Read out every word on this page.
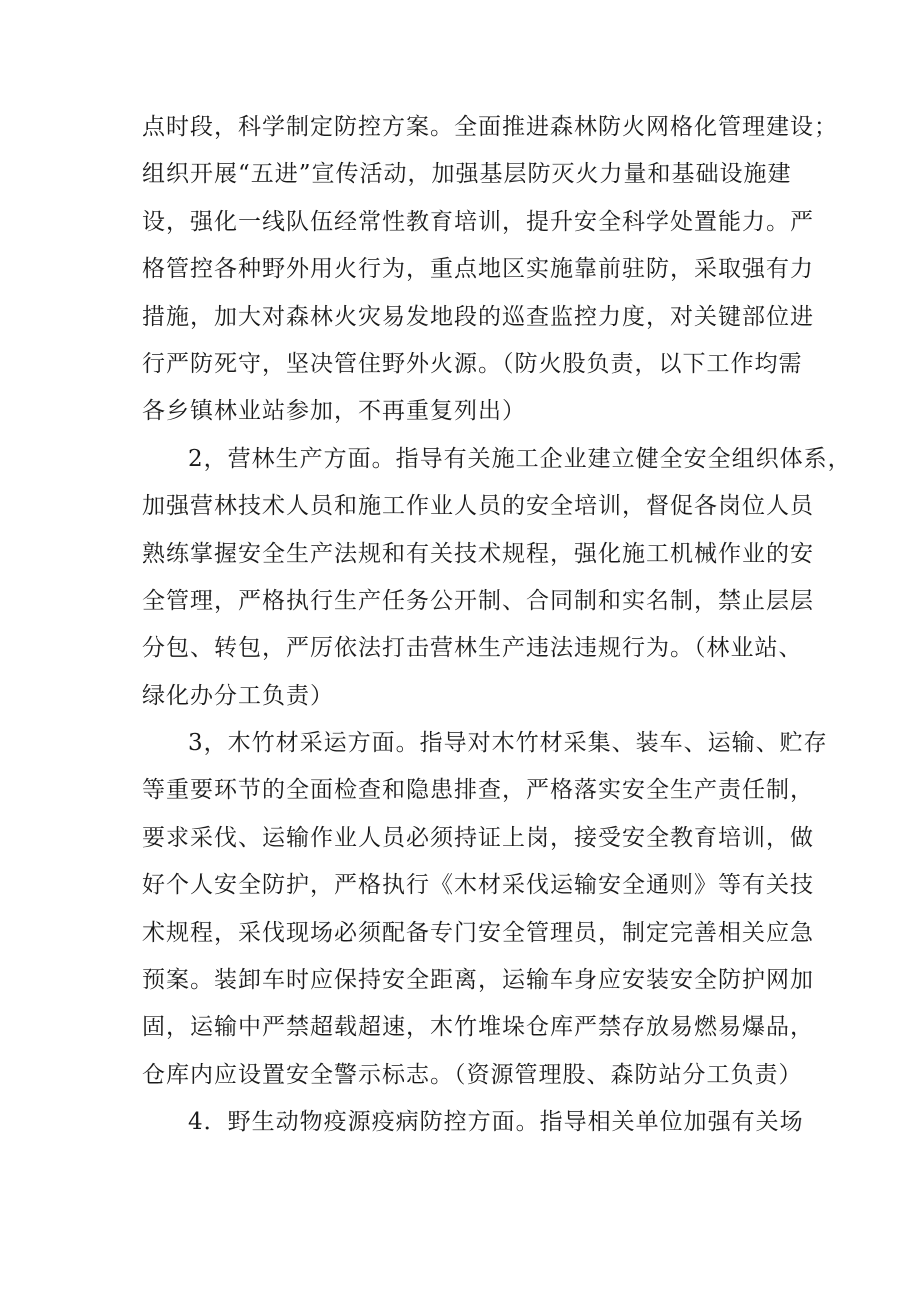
点时段，科学制定防控方案。全面推进森林防火网格化管理建设；
组织开展“五进”宣传活动，加强基层防灭火力量和基础设施建
设，强化一线队伍经常性教育培训，提升安全科学处置能力。严
格管控各种野外用火行为，重点地区实施靠前驻防，采取强有力
措施，加大对森林火灾易发地段的巡查监控力度，对关键部位进
行严防死守，坚决管住野外火源。（防火股负责，以下工作均需
各乡镇林业站参加，不再重复列出）
2，营林生产方面。指导有关施工企业建立健全安全组织体系，
加强营林技术人员和施工作业人员的安全培训，督促各岗位人员
熟练掌握安全生产法规和有关技术规程，强化施工机械作业的安
全管理，严格执行生产任务公开制、合同制和实名制，禁止层层
分包、转包，严厉依法打击营林生产违法违规行为。（林业站、
绿化办分工负责）
3，木竹材采运方面。指导对木竹材采集、装车、运输、贮存
等重要环节的全面检查和隐患排查，严格落实安全生产责任制，
要求采伐、运输作业人员必须持证上岗，接受安全教育培训，做
好个人安全防护，严格执行《木材采伐运输安全通则》等有关技
术规程，采伐现场必须配备专门安全管理员，制定完善相关应急
预案。装卸车时应保持安全距离，运输车身应安装安全防护网加
固，运输中严禁超载超速，木竹堆垛仓库严禁存放易燃易爆品，
仓库内应设置安全警示标志。（资源管理股、森防站分工负责）
4．野生动物疫源疫病防控方面。指导相关单位加强有关场
